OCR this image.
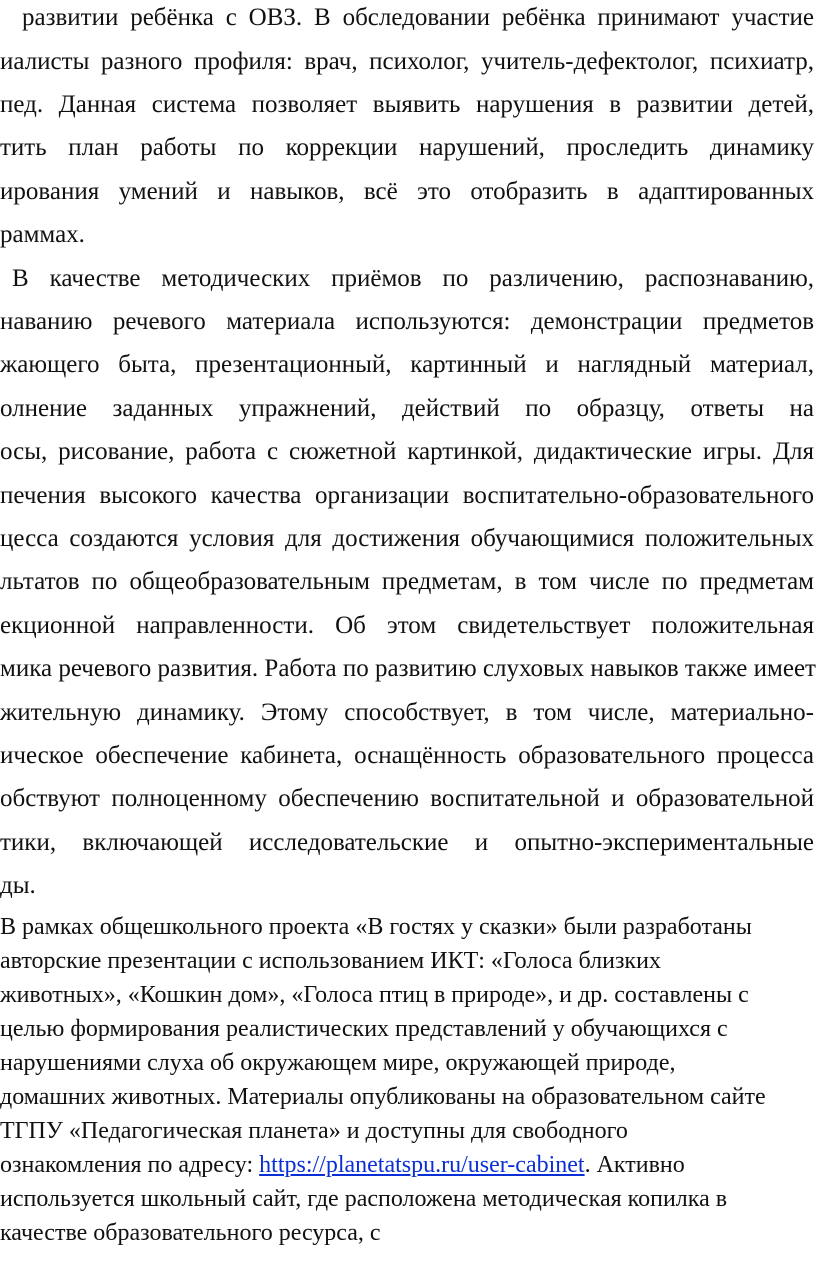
развитии ребёнка с ОВЗ. В обследовании ребёнка принимают участие
иалисты разного профиля: врач, психолог, учитель-дефектолог, психиатр,
пед. Данная система позволяет выявить нарушения в развитии детей,
тить план работы по коррекции нарушений, проследить динамику
ирования умений и навыков, всё это отобразить в адаптированных
раммах.
В качестве методических приёмов по различению, распознаванию,
наванию речевого материала используются: демонстрации предметов
жающего быта, презентационный, картинный и наглядный материал,
олнение заданных упражнений, действий по образцу, ответы на
осы, рисование, работа с сюжетной картинкой, дидактические игры. Для
печения высокого качества организации воспитательно-образовательного
цесса создаются условия для достижения обучающимися положительных
льтатов по общеобразовательным предметам, в том числе по предметам
екционной направленности. Об этом свидетельствует положительная
мика речевого развития. Работа по развитию слуховых навыков также имеет
жительную динамику. Этому способствует, в том числе, материально-
ическое обеспечение кабинета, оснащённость образовательного процесса
обствуют полноценному обеспечению воспитательной и образовательной
тики, включающей исследовательские и опытно-экспериментальные
ды.
В рамках общешкольного проекта «В гостях у сказки» были разработаны
авторские презентации с использованием ИКТ: «Голоса близких
животных», «Кошкин дом», «Голоса птиц в природе», и др. составлены с
целью формирования реалистических представлений у обучающихся с
нарушениями слуха об окружающем мире, окружающей природе,
домашних животных. Материалы опубликованы на образовательном сайте
ТГПУ «Педагогическая планета» и доступны для свободного
ознакомления по адресу: https://planetatspu.ru/user-cabinet. Активно
используется школьный сайт, где расположена методическая копилка в
качестве образовательного ресурса, с
